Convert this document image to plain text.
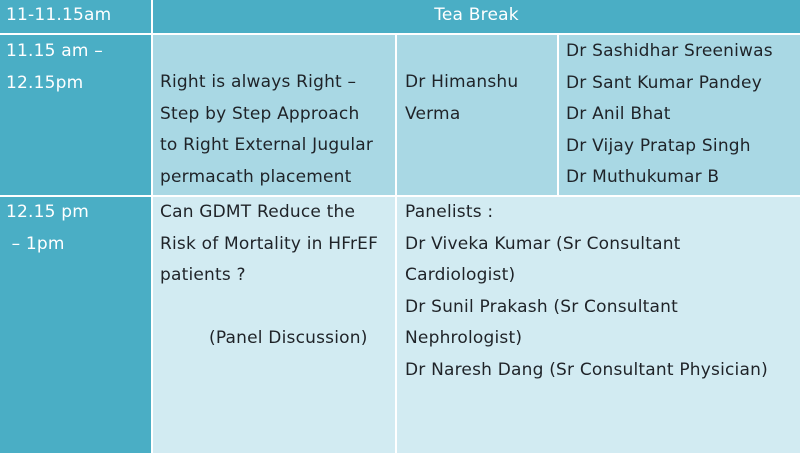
11-11.15am	Tea Break
11.15 am –
12.15pm	Right is always Right –
Step by Step Approach
to Right External Jugular
permacath placement
Dr Himanshu
Verma
Dr Sashidhar Sreeniwas
Dr Sant Kumar Pandey
Dr Anil Bhat
Dr Vijay Pratap Singh
Dr Muthukumar B
12.15 pm
– 1pm
Can GDMT Reduce the
Risk of Mortality in HFrEF
patients ?
(Panel Discussion)
Panelists :
Dr Viveka Kumar (Sr Consultant
Cardiologist)
Dr Sunil Prakash (Sr Consultant
Nephrologist)
Dr Naresh Dang (Sr Consultant Physician)
